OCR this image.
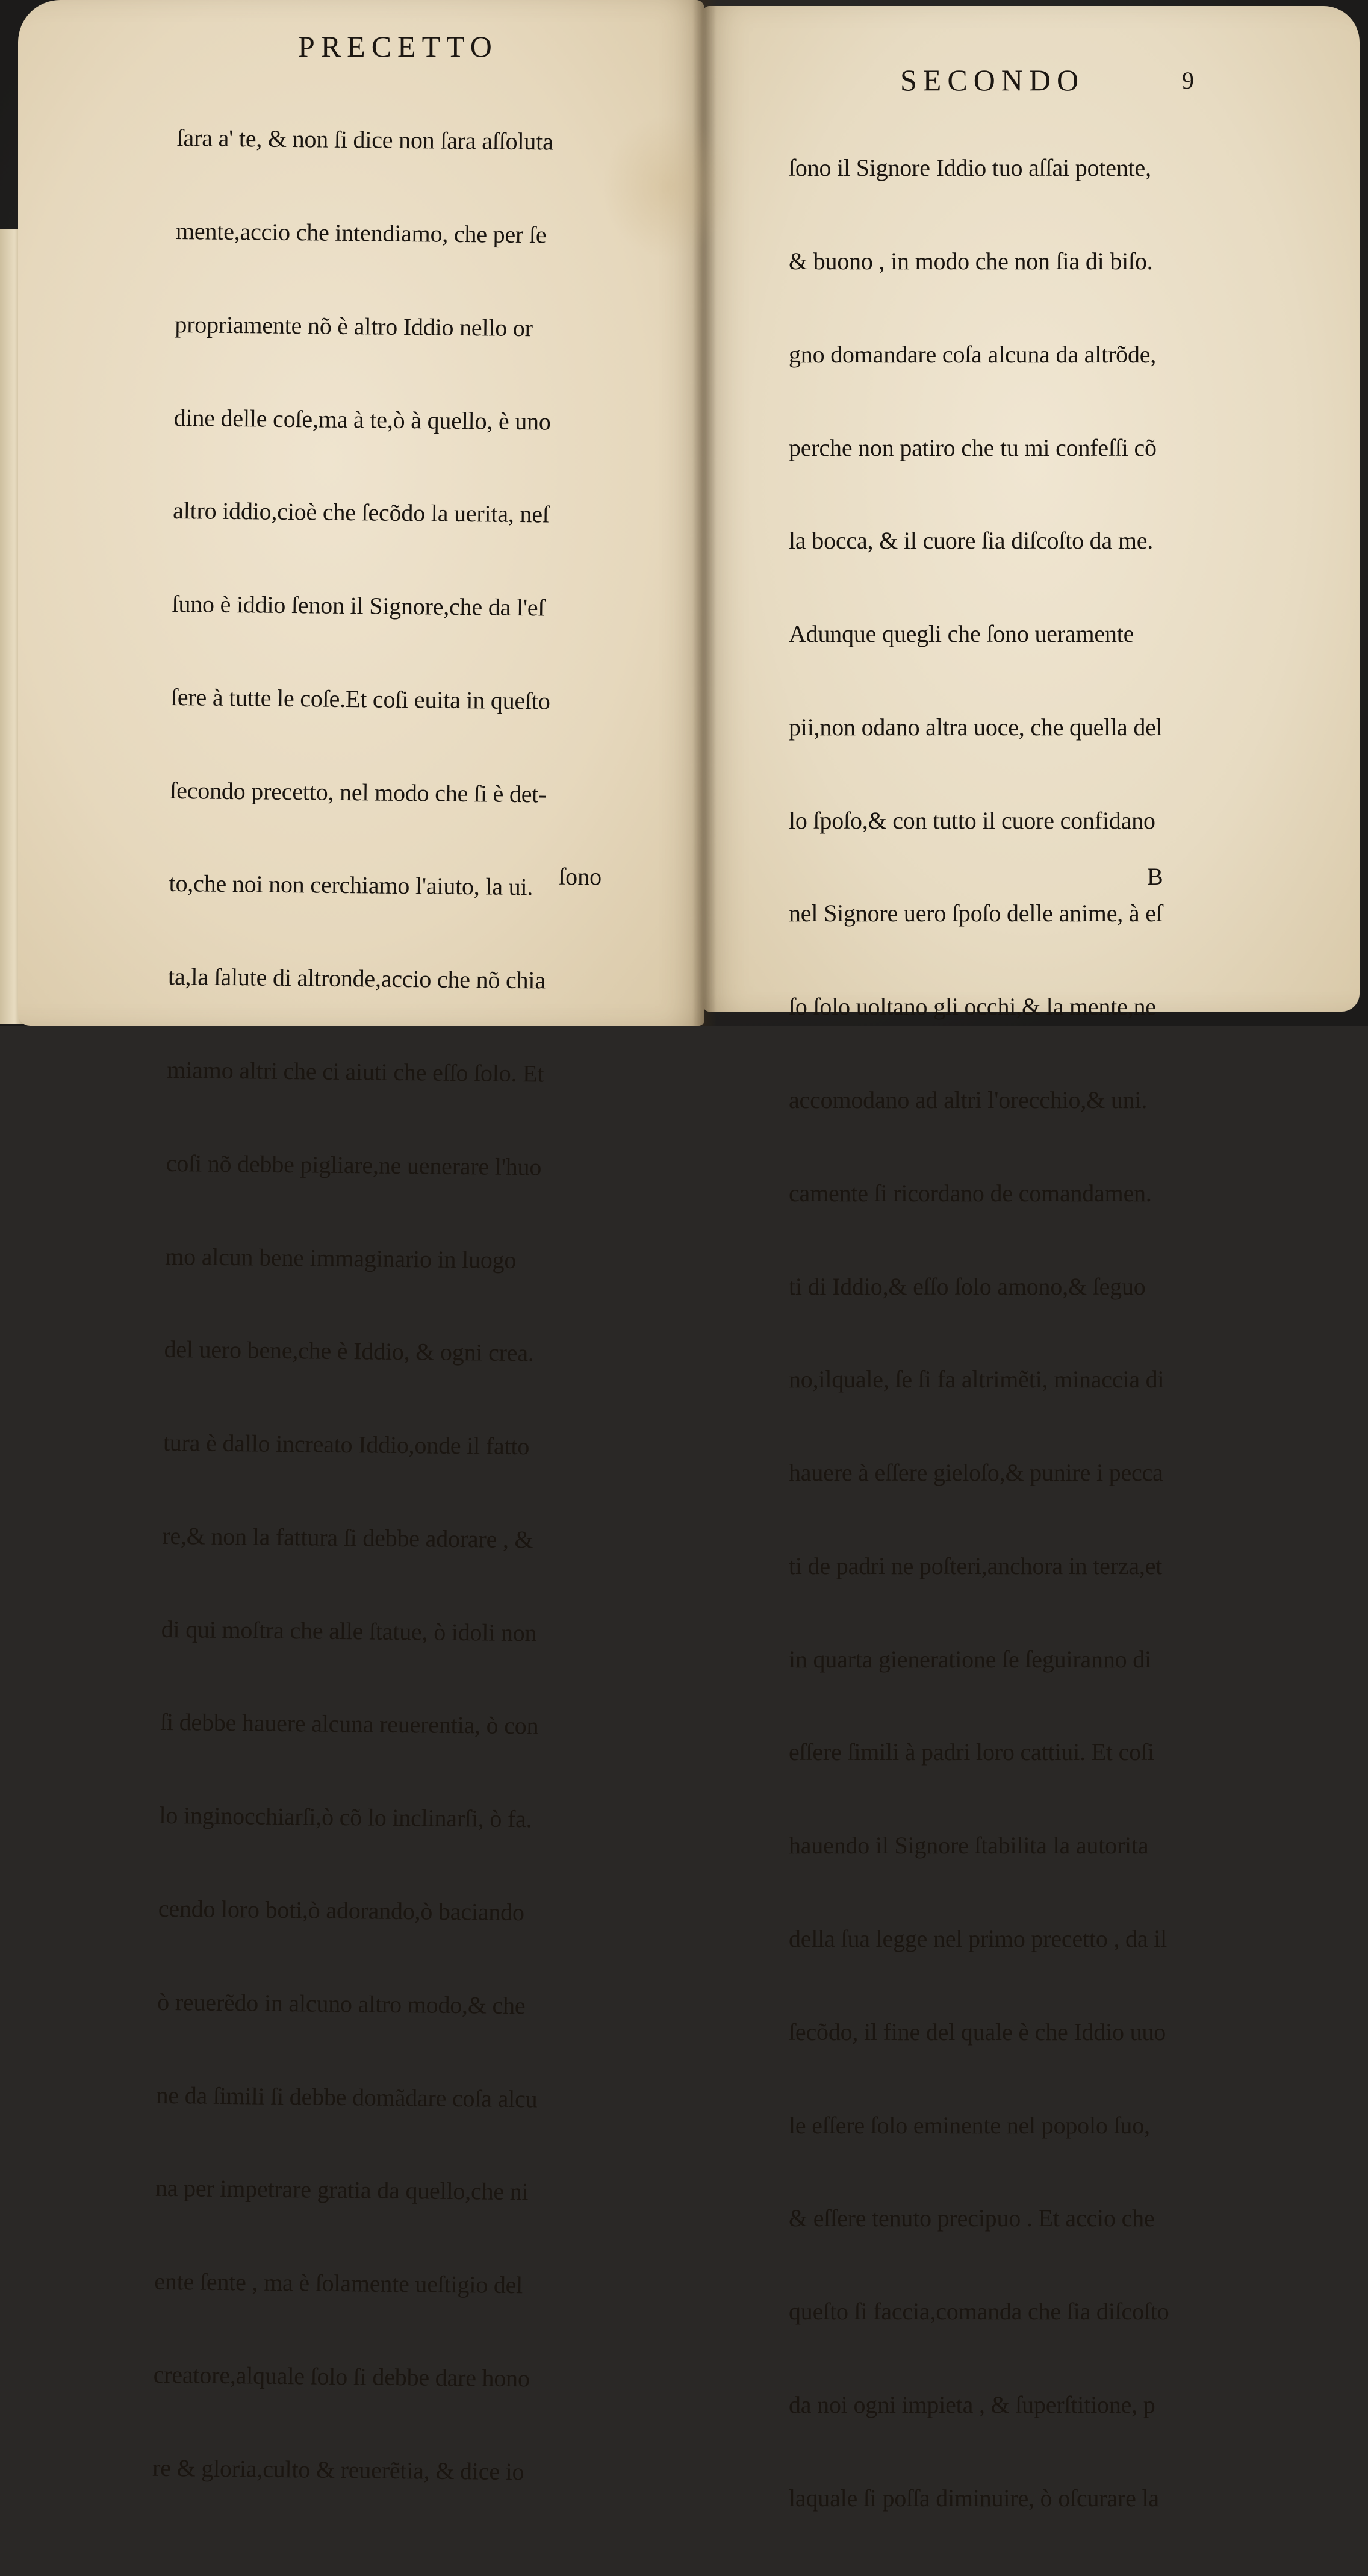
PRECETTO
SECONDO	9

ſara a' te, & non ſi dice non ſara aſſoluta

mente,accio che intendiamo, che per ſe

propriamente nõ è altro Iddio nello or

dine delle coſe,ma à te,ò à quello, è uno

altro iddio,cioè che ſecõdo la uerita, neſ

ſuno è iddio ſenon il Signore,che da l'eſ

ſere à tutte le coſe.Et coſi euita in queſto

ſecondo precetto, nel modo che ſi è det-

to,che noi non cerchiamo l'aiuto, la ui.

ta,la ſalute di altronde,accio che nõ chia

miamo altri che ci aiuti che eſſo ſolo. Et

coſi nõ debbe pigliare,ne uenerare l'huo

mo alcun bene immaginario in luogo

del uero bene,che è Iddio, & ogni crea.

tura è dallo increato Iddio,onde il fatto

re,& non la fattura ſi debbe adorare , &

di qui moſtra che alle ſtatue, ò idoli non

ſi debbe hauere alcuna reuerentia, ò con

lo inginocchiarſi,ò cõ lo inclinarſi, ò fa.

cendo loro boti,ò adorando,ò baciando

ò reuerẽdo in alcuno altro modo,& che

ne da ſimili ſi debbe domãdare coſa alcu

na per impetrare gratia da quello,che ni

ente ſente , ma è ſolamente ueſtigio del

creatore,alquale ſolo ſi debbe dare hono

re & gloria,culto & reuerẽtia, & dice io

ſono

ſono il Signore Iddio tuo aſſai potente,

& buono , in modo che non ſia di biſo.

gno domandare coſa alcuna da altrõde,

perche non patiro che tu mi confeſſi cõ

la bocca, & il cuore ſia diſcoſto da me.

Adunque quegli che ſono ueramente

pii,non odano altra uoce, che quella del

lo ſpoſo,& con tutto il cuore confidano

nel Signore uero ſpoſo delle anime, à eſ

ſo ſolo uoltano gli occhi,& la mente,ne

accomodano ad altri l'orecchio,& uni.

camente ſi ricordano de comandamen.

ti di Iddio,& eſſo ſolo amono,& ſeguo

no,ilquale, ſe ſi fa altrimẽti, minaccia di

hauere à eſſere gieloſo,& punire i pecca

ti de padri ne poſteri,anchora in terza,et

in quarta gieneratione ſe ſeguiranno di

eſſere ſimili à padri loro cattiui. Et coſi

hauendo il Signore ſtabilita la autorita

della ſua legge nel primo precetto , da il

ſecõdo, il fine del quale è che Iddio uuo

le eſſere ſolo eminente nel popolo ſuo,

& eſſere tenuto precipuo . Et accio che

queſto ſi faccia,comanda che ſia diſcoſto

da noi ogni impieta , & ſuperſtitione, p

laquale ſi poſſa diminuire, ò oſcurare la

B
